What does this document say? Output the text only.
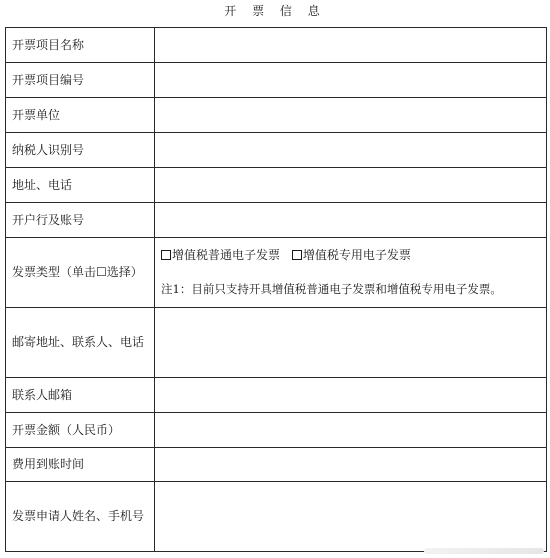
开 票 信 息
开票项目名称	
开票项目编号	
开票单位	
纳税人识别号	
地址、电话	
开户行及账号	
发票类型（单击☐选择）	增值税普通电子发票
增值税专用电子发票
注1：目前只支持开具增值税普通电子发票和增值税专用电子发票。

邮寄地址、联系人、电话	
联系人邮箱	
开票金额（人民币）	
费用到账时间	
发票申请人姓名、手机号	
